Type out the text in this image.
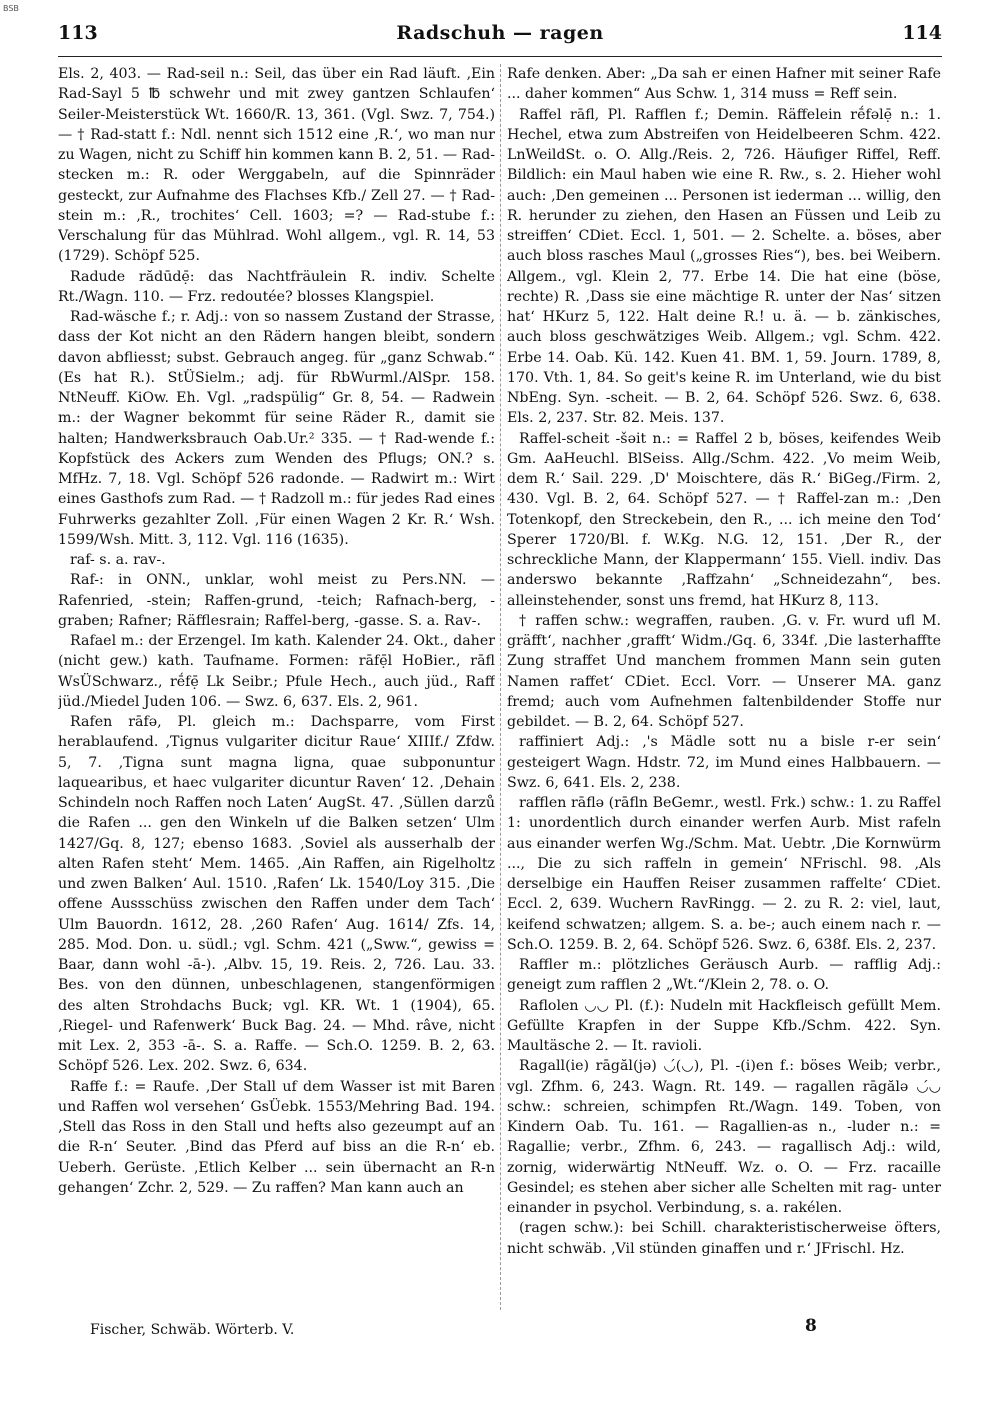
BSB
113	Radschuh — ragen	114

Els. 2, 403. — Rad-seil n.: Seil, das über ein Rad läuft. ‚Ein Rad-Sayl 5 ℔ schwehr und mit zwey gantzen Schlaufen‘ Seiler-Meisterstück Wt. 1660/R. 13, 361. (Vgl. Swz. 7, 754.) — † Rad-statt f.: Ndl. nennt sich 1512 eine ‚R.‘, wo man nur zu Wagen, nicht zu Schiff hin kommen kann B. 2, 51. — Rad-stecken m.: R. oder Werggabeln, auf die Spinnräder gesteckt, zur Aufnahme des Flachses Kfb./ Zell 27. — † Rad-stein m.: ‚R., trochites‘ Cell. 1603; =? — Rad-stube f.: Verschalung für das Mühlrad. Wohl allgem., vgl. R. 14, 53 (1729). Schöpf 525.

Radude rădūdẹ̄: das Nachtfräulein R. indiv. Schelte Rt./Wagn. 110. — Frz. redoutée? blosses Klangspiel.

Rad-wäsche f.; r. Adj.: von so nassem Zustand der Strasse, dass der Kot nicht an den Rädern hangen bleibt, sondern davon abfliesst; subst. Gebrauch angeg. für „ganz Schwab.“ (Es hat R.). StÜSielm.; adj. für RbWurml./AlSpr. 158. NtNeuff. KiOw. Eh. Vgl. „radspülig“ Gr. 8, 54. — Radwein m.: der Wagner bekommt für seine Räder R., damit sie halten; Handwerksbrauch Oab.Ur.² 335. — † Rad-wende f.: Kopfstück des Ackers zum Wenden des Pflugs; ON.? s. MfHz. 7, 18. Vgl. Schöpf 526 radonde. — Radwirt m.: Wirt eines Gasthofs zum Rad. — † Radzoll m.: für jedes Rad eines Fuhrwerks gezahlter Zoll. ‚Für einen Wagen 2 Kr. R.‘ Wsh. 1599/Wsh. Mitt. 3, 112. Vgl. 116 (1635).

raf- s. a. rav-.

Raf-: in ONN., unklar, wohl meist zu Pers.NN. — Rafenried, -stein; Raffen-grund, -teich; Rafnach-berg, -graben; Rafner; Räfflesrain; Raffel-berg, -gasse. S. a. Rav-.

Rafael m.: der Erzengel. Im kath. Kalender 24. Okt., daher (nicht gew.) kath. Taufname. Formen: rāfẹ̄l HoBier., rāfl WsÜSchwarz., rḗfẹ̄ Lk Seibr.; Pfule Hech., auch jüd., Raff jüd./Miedel Juden 106. — Swz. 6, 637. Els. 2, 961.

Rafen rāfə, Pl. gleich m.: Dachsparre, vom First herablaufend. ‚Tignus vulgariter dicitur Raue‘ XIIIf./ Zfdw. 5, 7. ‚Tigna sunt magna ligna, quae subponuntur laquearibus, et haec vulgariter dicuntur Raven‘ 12. ‚Dehain Schindeln noch Raffen noch Laten‘ AugSt. 47. ‚Süllen darzů die Rafen ... gen den Winkeln uf die Balken setzen‘ Ulm 1427/Gq. 8, 127; ebenso 1683. ‚Soviel als ausserhalb der alten Rafen steht‘ Mem. 1465. ‚Ain Raffen, ain Rigelholtz und zwen Balken‘ Aul. 1510. ‚Rafen‘ Lk. 1540/Loy 315. ‚Die offene Aussschüss zwischen den Raffen under dem Tach‘ Ulm Bauordn. 1612, 28. ‚260 Rafen‘ Aug. 1614/ Zfs. 14, 285. Mod. Don. u. südl.; vgl. Schm. 421 („Sww.“, gewiss = Baar, dann wohl -ā-). ‚Albv. 15, 19. Reis. 2, 726. Lau. 33. Bes. von den dünnen, unbeschlagenen, stangenförmigen des alten Strohdachs Buck; vgl. KR. Wt. 1 (1904), 65. ‚Riegel- und Rafenwerk‘ Buck Bag. 24. — Mhd. râve, nicht mit Lex. 2, 353 -ā-. S. a. Raffe. — Sch.O. 1259. B. 2, 63. Schöpf 526. Lex. 202. Swz. 6, 634.

Raffe f.: = Raufe. ‚Der Stall uf dem Wasser ist mit Baren und Raffen wol versehen‘ GsÜebk. 1553/Mehring Bad. 194. ‚Stell das Ross in den Stall und hefts also gezeumpt auf an die R-n‘ Seuter. ‚Bind das Pferd auf biss an die R-n‘ eb. Ueberh. Gerüste. ‚Etlich Kelber ... sein übernacht an R-n gehangen‘ Zchr. 2, 529. — Zu raffen? Man kann auch an

Rafe denken. Aber: „Da sah er einen Hafner mit seiner Rafe ... daher kommen“ Aus Schw. 1, 314 muss = Reff sein.

Raffel rāfl, Pl. Rafflen f.; Demin. Räffelein rḗfəlẹ̄ n.: 1. Hechel, etwa zum Abstreifen von Heidelbeeren Schm. 422. LnWeildSt. o. O. Allg./Reis. 2, 726. Häufiger Riffel, Reff. Bildlich: ein Maul haben wie eine R. Rw., s. 2. Hieher wohl auch: ‚Den gemeinen ... Personen ist iederman ... willig, den R. herunder zu ziehen, den Hasen an Füssen und Leib zu streiffen‘ CDiet. Eccl. 1, 501. — 2. Schelte. a. böses, aber auch bloss rasches Maul („grosses Ries“), bes. bei Weibern. Allgem., vgl. Klein 2, 77. Erbe 14. Die hat eine (böse, rechte) R. ‚Dass sie eine mächtige R. unter der Nas‘ sitzen hat‘ HKurz 5, 122. Halt deine R.! u. ä. — b. zänkisches, auch bloss geschwätziges Weib. Allgem.; vgl. Schm. 422. Erbe 14. Oab. Kü. 142. Kuen 41. BM. 1, 59. Journ. 1789, 8, 170. Vth. 1, 84. So geit's keine R. im Unterland, wie du bist NbEng. Syn. -scheit. — B. 2, 64. Schöpf 526. Swz. 6, 638. Els. 2, 237. Str. 82. Meis. 137.

Raffel-scheit -šəit n.: = Raffel 2 b, böses, keifendes Weib Gm. AaHeuchl. BlSeiss. Allg./Schm. 422. ‚Vo meim Weib, dem R.‘ Sail. 229. ‚D' Moischtere, däs R.‘ BiGeg./Firm. 2, 430. Vgl. B. 2, 64. Schöpf 527. — † Raffel-zan m.: ‚Den Totenkopf, den Streckebein, den R., ... ich meine den Tod‘ Sperer 1720/Bl. f. W.Kg. N.G. 12, 151. ‚Der R., der schreckliche Mann, der Klappermann‘ 155. Viell. indiv. Das anderswo bekannte ‚Raffzahn‘ „Schneidezahn“, bes. alleinstehender, sonst uns fremd, hat HKurz 8, 113.

† raffen schw.: wegraffen, rauben. ‚G. v. Fr. wurd ufl M. gräfft‘, nachher ‚grafft‘ Widm./Gq. 6, 334f. ‚Die lasterhaffte Zung straffet Und manchem frommen Mann sein guten Namen raffet‘ CDiet. Eccl. Vorr. — Unserer MA. ganz fremd; auch vom Aufnehmen faltenbildender Stoffe nur gebildet. — B. 2, 64. Schöpf 527.

raffiniert Adj.: ‚'s Mädle sott nu a bisle r-er sein‘ gesteigert Wagn. Hdstr. 72, im Mund eines Halbbauern. — Swz. 6, 641. Els. 2, 238.

rafflen rāflə (rāfln BeGemr., westl. Frk.) schw.: 1. zu Raffel 1: unordentlich durch einander werfen Aurb. Mist rafeln aus einander werfen Wg./Schm. Mat. Uebtr. ‚Die Kornwürm ..., Die zu sich raffeln in gemein‘ NFrischl. 98. ‚Als derselbige ein Hauffen Reiser zusammen raffelte‘ CDiet. Eccl. 2, 639. Wuchern RavRingg. — 2. zu R. 2: viel, laut, keifend schwatzen; allgem. S. a. be-; auch einem nach r. — Sch.O. 1259. B. 2, 64. Schöpf 526. Swz. 6, 638f. Els. 2, 237.

Raffler m.: plötzliches Geräusch Aurb. — rafflig Adj.: geneigt zum rafflen 2 „Wt.“/Klein 2, 78. o. O.

Raflolen ◡◡ Pl. (f.): Nudeln mit Hackfleisch gefüllt Mem. Gefüllte Krapfen in der Suppe Kfb./Schm. 422. Syn. Maultäsche 2. — It. ravioli.

Ragall(ie) rāgăl(jə) ◡́(◡), Pl. -(i)en f.: böses Weib; verbr., vgl. Zfhm. 6, 243. Wagn. Rt. 149. — ragallen rāgălə ◡́◡ schw.: schreien, schimpfen Rt./Wagn. 149. Toben, von Kindern Oab. Tu. 161. — Ragallien-as n., -luder n.: = Ragallie; verbr., Zfhm. 6, 243. — ragallisch Adj.: wild, zornig, widerwärtig NtNeuff. Wz. o. O. — Frz. racaille Gesindel; es stehen aber sicher alle Schelten mit rag- unter einander in psychol. Verbindung, s. a. rakélen.

(ragen schw.): bei Schill. charakteristischerweise öfters, nicht schwäb. ‚Vil stünden ginaffen und r.‘ JFrischl. Hz.

Fischer, Schwäb. Wörterb. V.	8
